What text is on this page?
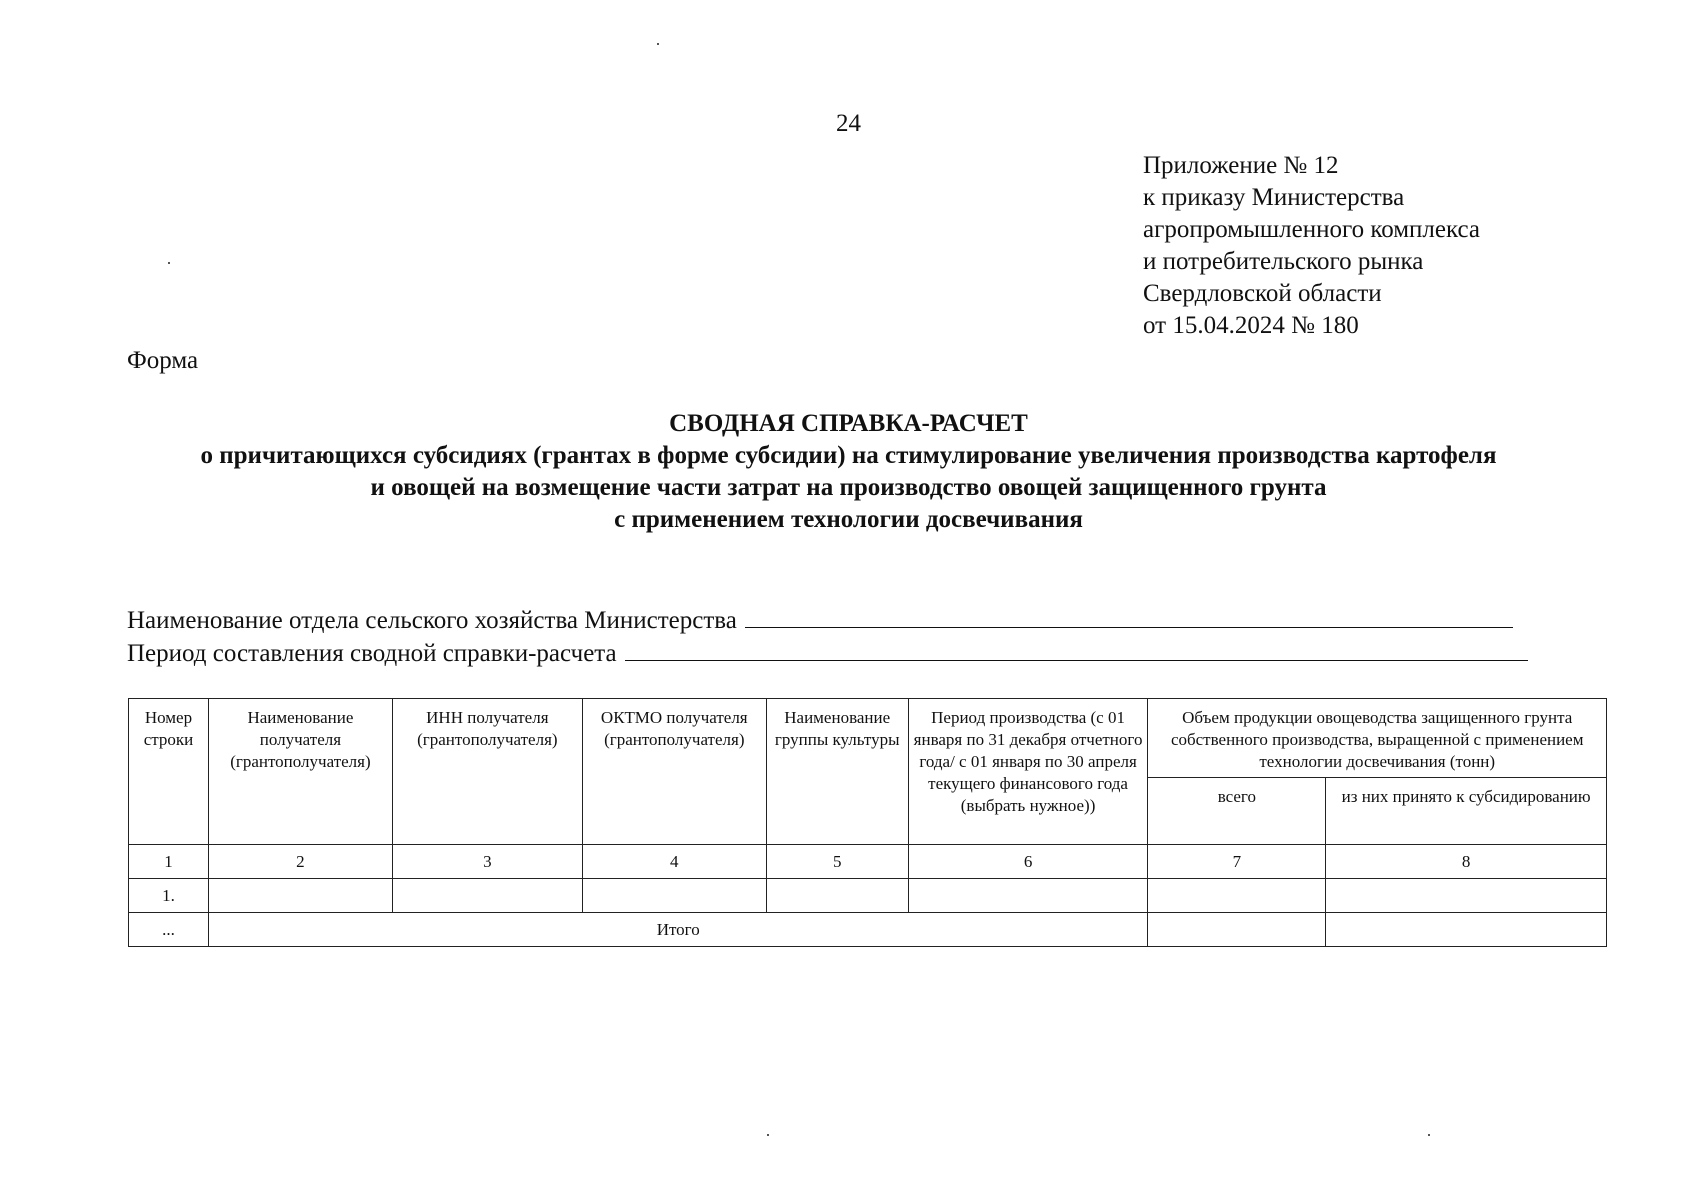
24
Приложение № 12
к приказу Министерства
агропромышленного комплекса
и потребительского рынка
Свердловской области
от 15.04.2024 № 180
Форма
СВОДНАЯ СПРАВКА-РАСЧЕТ
о причитающихся субсидиях (грантах в форме субсидии) на стимулирование увеличения производства картофеля
и овощей на возмещение части затрат на производство овощей защищенного грунта
с применением технологии досвечивания
Наименование отдела сельского хозяйства Министерства
Период составления сводной справки-расчета
Номер строки	Наименование получателя (грантополучателя)	ИНН получателя (грантополучателя)	ОКТМО получателя (грантополучателя)	Наименование группы культуры	Период производства (с 01 января по 31 декабря отчетного года/ с 01 января по 30 апреля текущего финансового года (выбрать нужное))	Объем продукции овощеводства защищенного грунта собственного производства, выращенной с применением технологии досвечивания (тонн)	
						всего	из них принято к субсидированию
1	2	3	4	5	6	7	8
1.							
...	Итого						
